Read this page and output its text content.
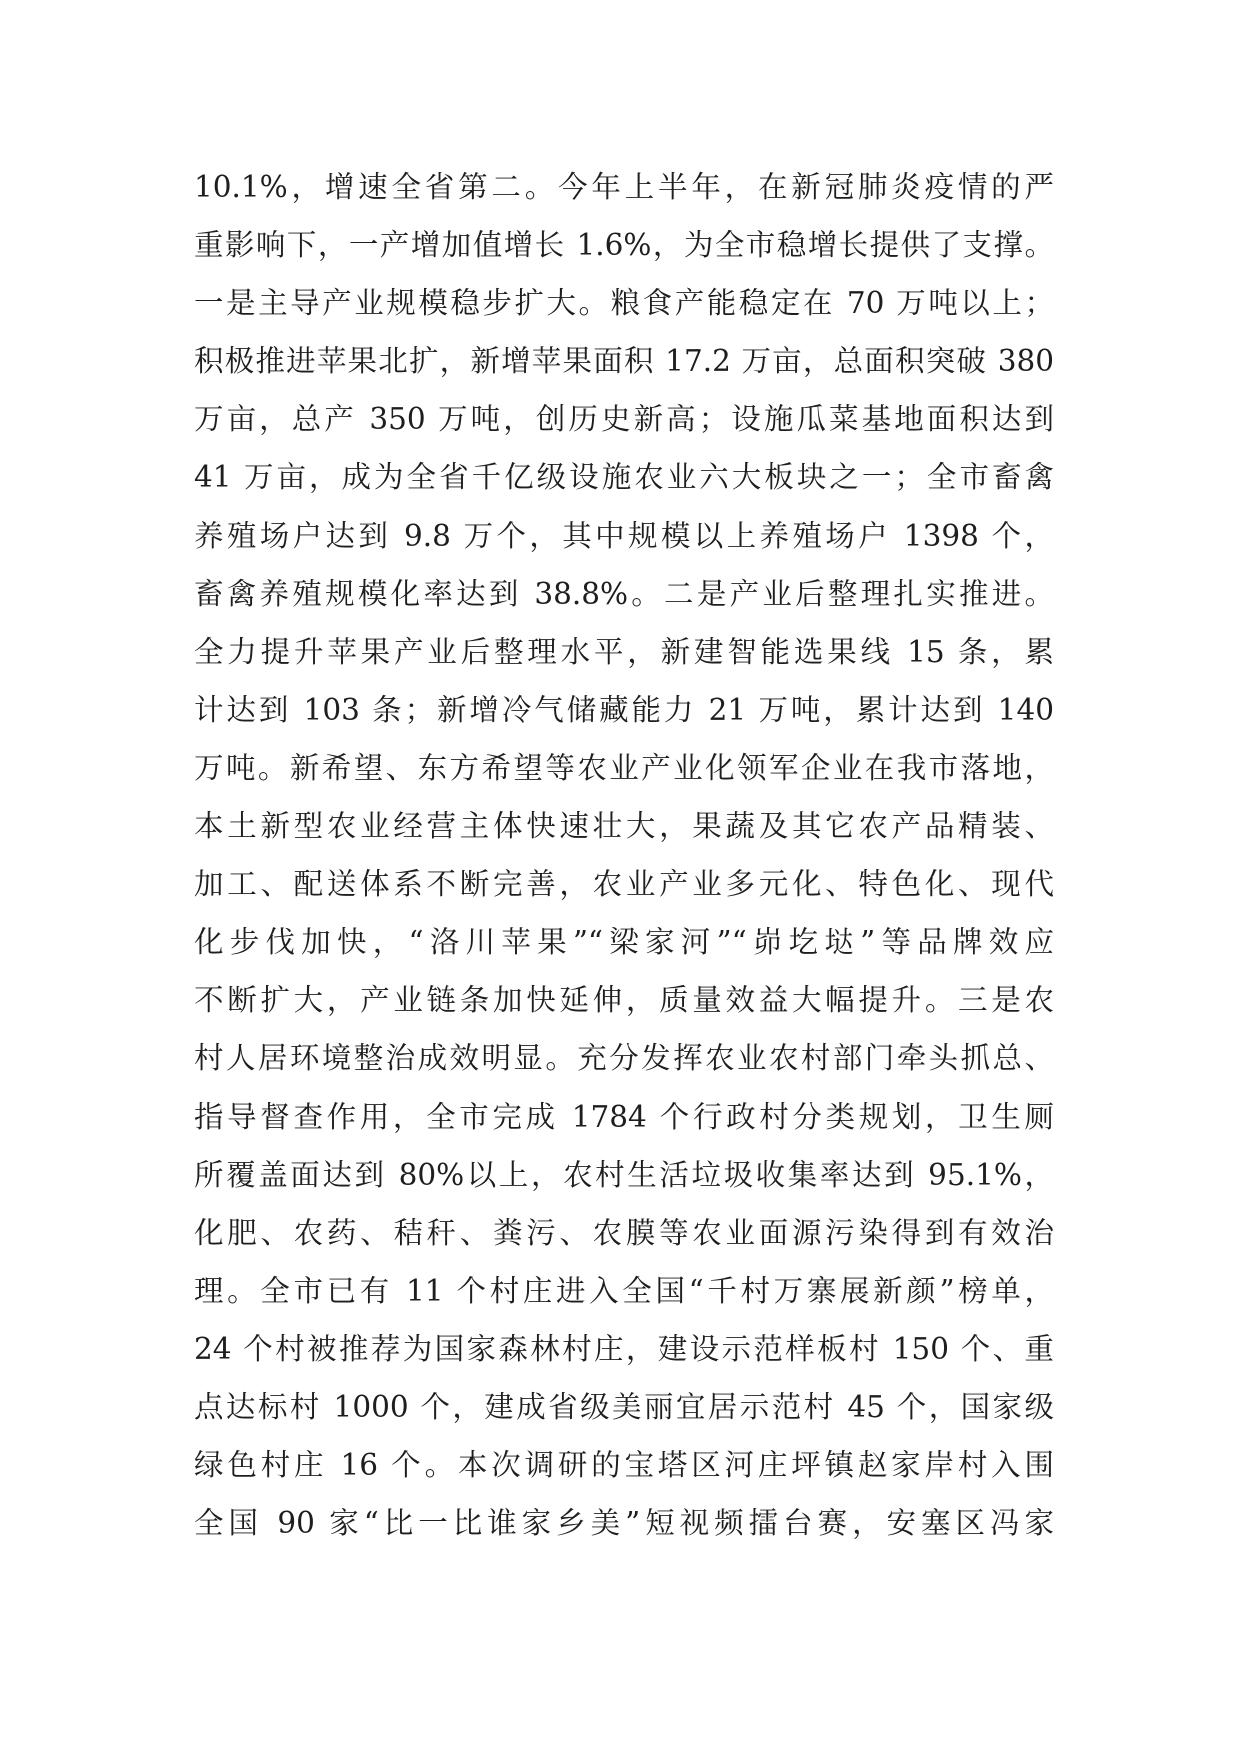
10.1%，增速全省第二。今年上半年，在新冠肺炎疫情的严
重影响下，一产增加值增长 1.6%，为全市稳增长提供了支撑。
一是主导产业规模稳步扩大。粮食产能稳定在 70 万吨以上；
积极推进苹果北扩，新增苹果面积 17.2 万亩，总面积突破 380
万亩，总产 350 万吨，创历史新高；设施瓜菜基地面积达到
41 万亩，成为全省千亿级设施农业六大板块之一；全市畜禽
养殖场户达到 9.8 万个，其中规模以上养殖场户 1398 个，
畜禽养殖规模化率达到 38.8%。二是产业后整理扎实推进。
全力提升苹果产业后整理水平，新建智能选果线 15 条，累
计达到 103 条；新增冷气储藏能力 21 万吨，累计达到 140
万吨。新希望、东方希望等农业产业化领军企业在我市落地，
本土新型农业经营主体快速壮大，果蔬及其它农产品精装、
加工、配送体系不断完善，农业产业多元化、特色化、现代
化步伐加快，“洛川苹果”“梁家河”“峁圪垯”等品牌效应
不断扩大，产业链条加快延伸，质量效益大幅提升。三是农
村人居环境整治成效明显。充分发挥农业农村部门牵头抓总、
指导督查作用，全市完成 1784 个行政村分类规划，卫生厕
所覆盖面达到 80%以上，农村生活垃圾收集率达到 95.1%，
化肥、农药、秸秆、粪污、农膜等农业面源污染得到有效治
理。全市已有 11 个村庄进入全国“千村万寨展新颜”榜单，
24 个村被推荐为国家森林村庄，建设示范样板村 150 个、重
点达标村 1000 个，建成省级美丽宜居示范村 45 个，国家级
绿色村庄 16 个。本次调研的宝塔区河庄坪镇赵家岸村入围
全国 90 家“比一比谁家乡美”短视频擂台赛，安塞区冯家
